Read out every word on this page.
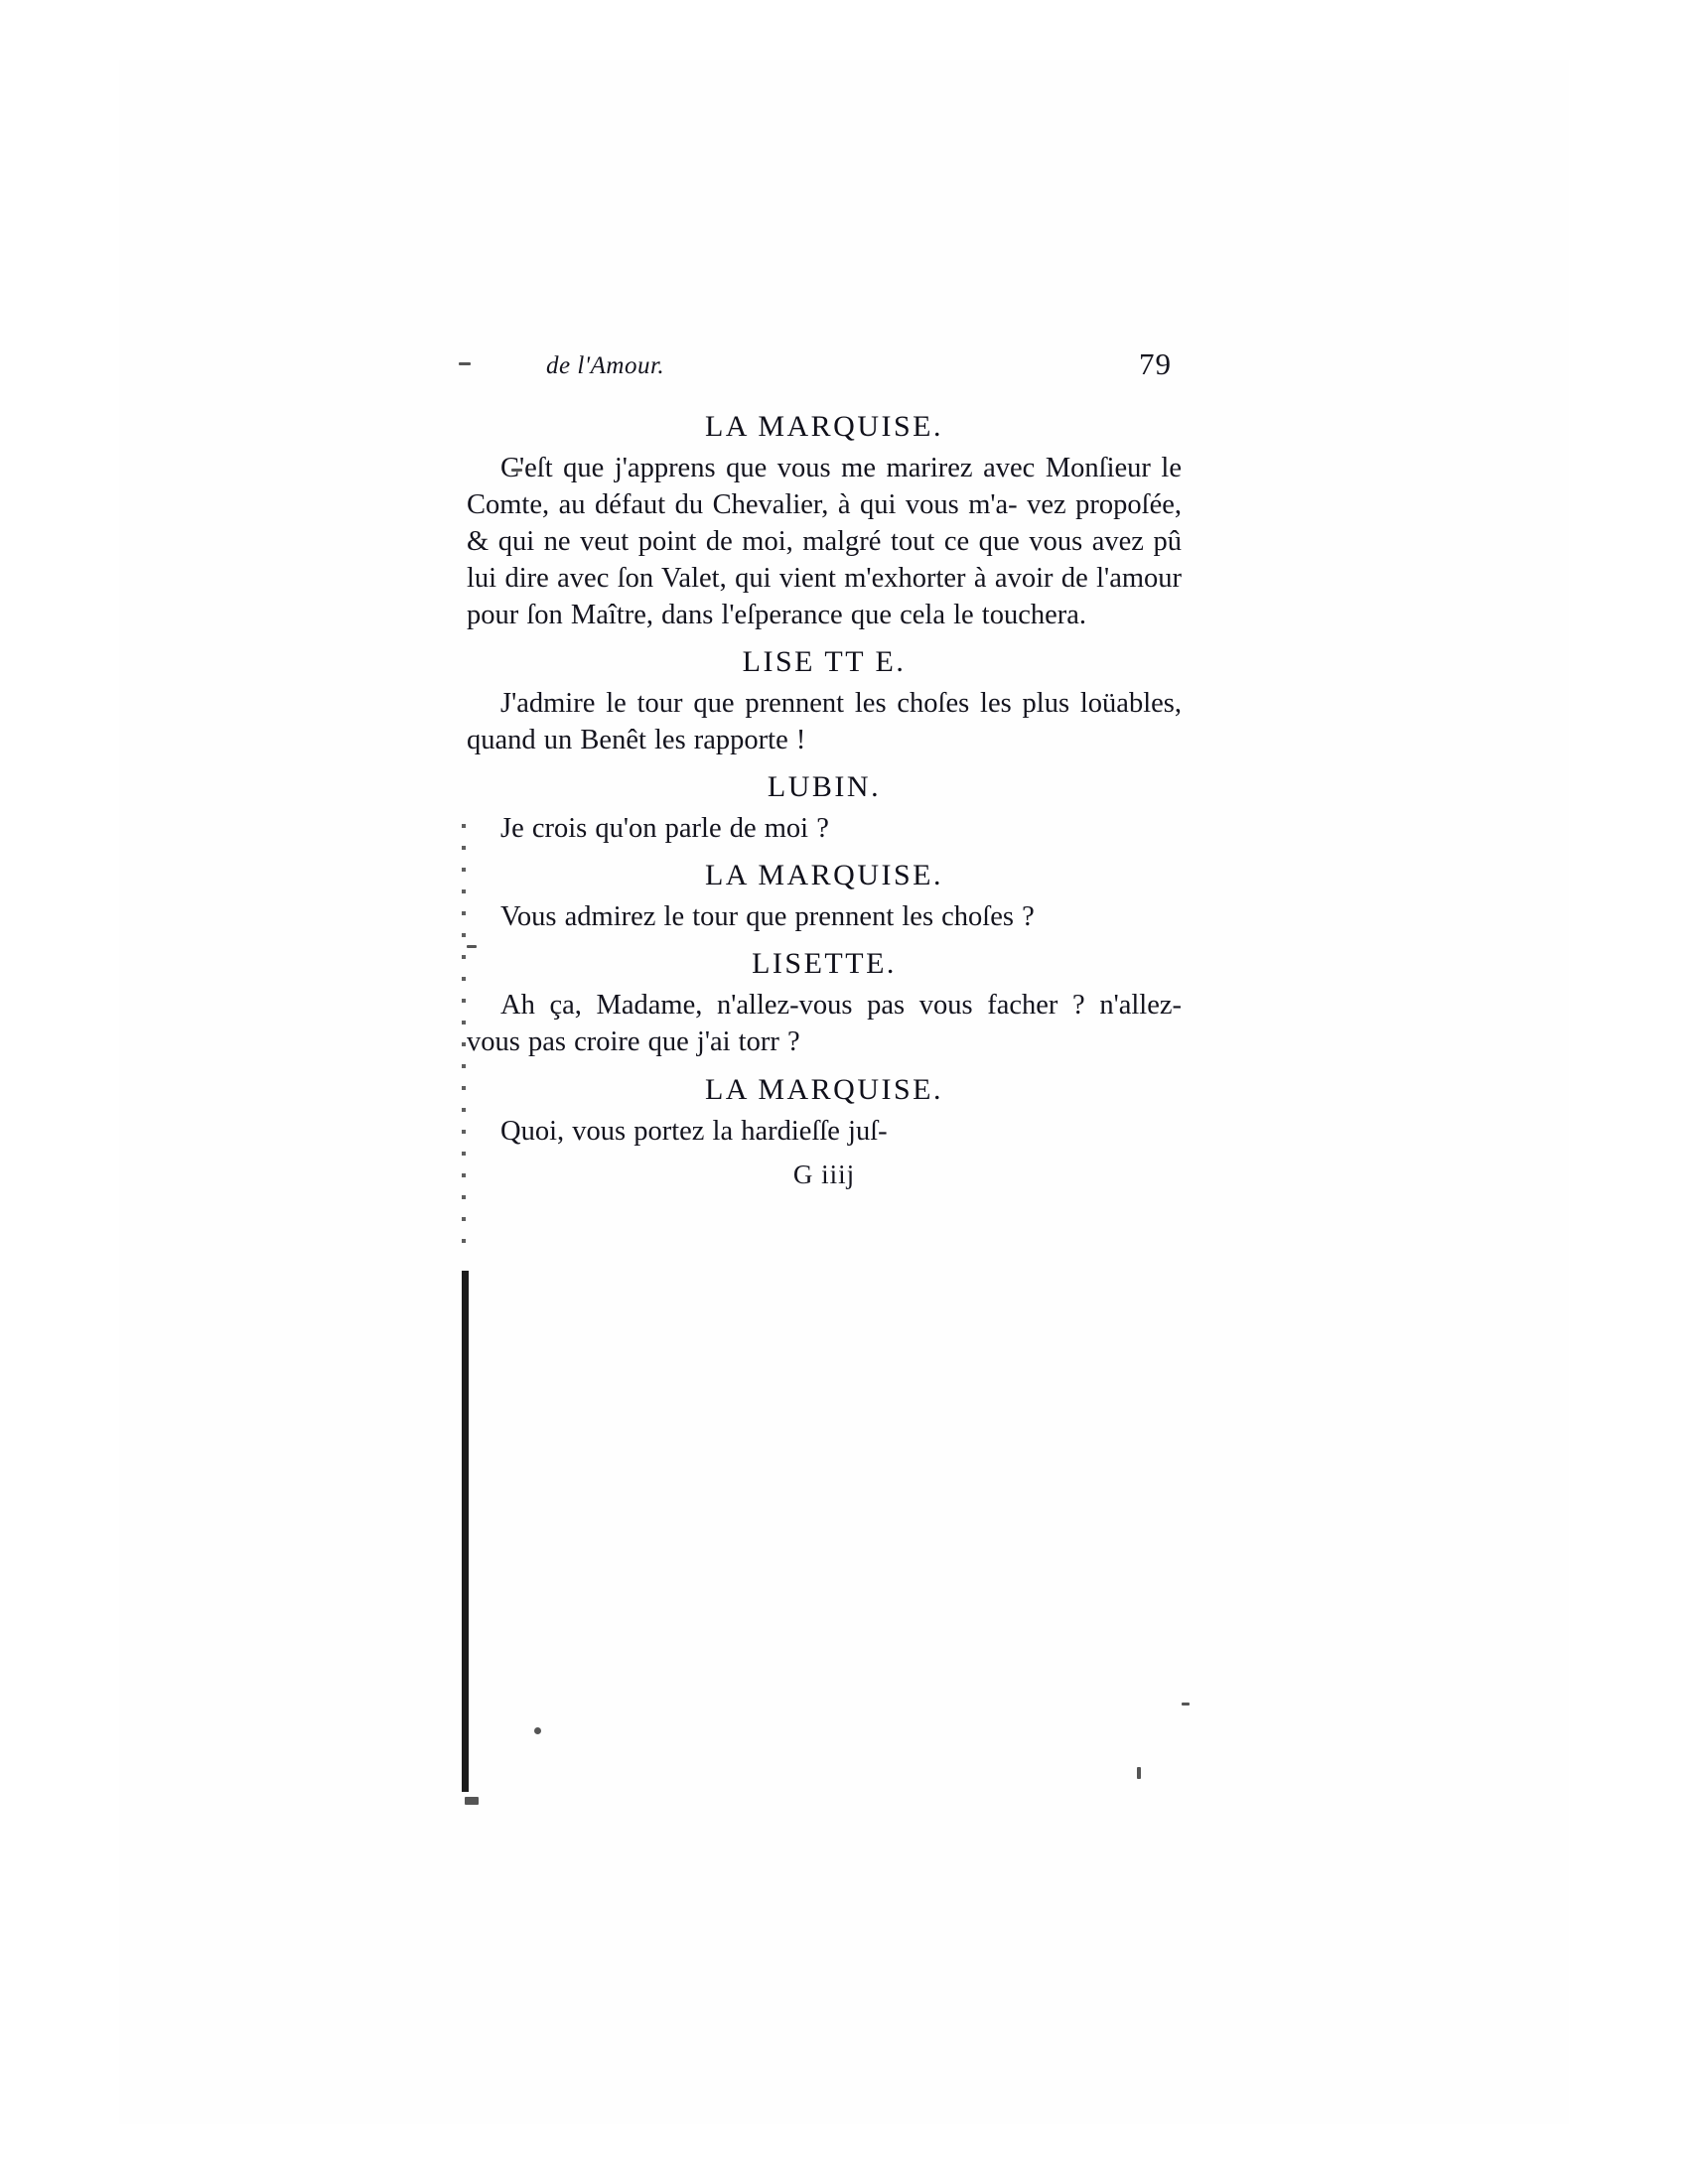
de l'Amour.	79
LA MARQUISE.
C'eſt que j'apprens que vous me marirez avec Monſieur le Comte, au défaut du Chevalier, à qui vous m'a- vez propoſée, & qui ne veut point de moi, malgré tout ce que vous avez pû lui dire avec ſon Valet, qui vient m'exhorter à avoir de l'amour pour ſon Maître, dans l'eſperance que cela le touchera.
LISE TT E.
J'admire le tour que prennent les choſes les plus loüables, quand un Benêt les rapporte !
LUBIN.
Je crois qu'on parle de moi ?
LA MARQUISE.
Vous admirez le tour que prennent les choſes ?
LISETTE.
Ah ça, Madame, n'allez-vous pas vous facher ? n'allez-vous pas croire que j'ai torr ?
LA MARQUISE.
Quoi, vous portez la hardieſſe juſ-
G iiij
